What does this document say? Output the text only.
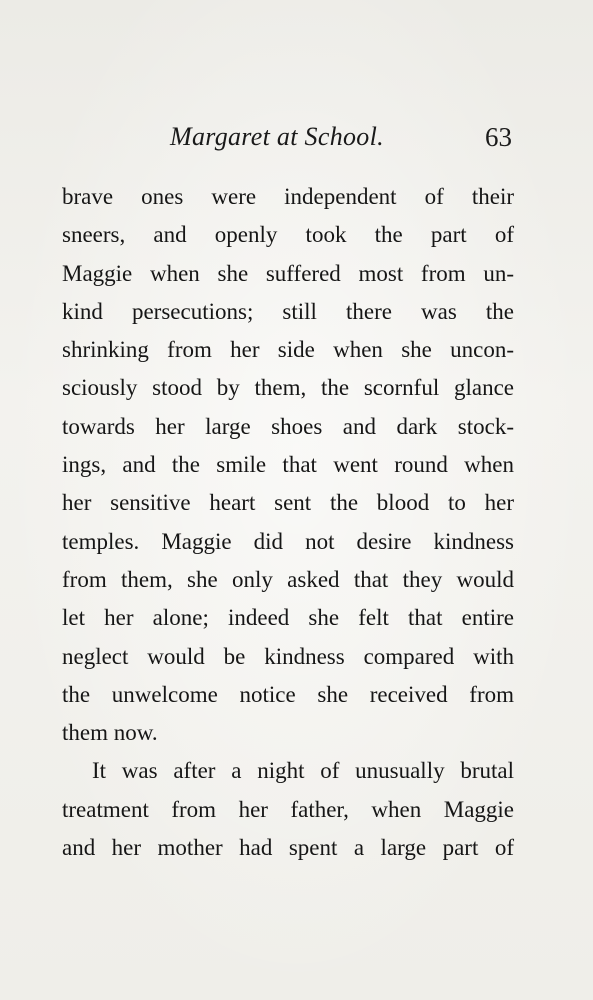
Margaret at School.	63
brave ones were independent of their
sneers, and openly took the part of
Maggie when she suffered most from un-
kind persecutions; still there was the
shrinking from her side when she uncon-
sciously stood by them, the scornful glance
towards her large shoes and dark stock-
ings, and the smile that went round when
her sensitive heart sent the blood to her
temples. Maggie did not desire kindness
from them, she only asked that they would
let her alone; indeed she felt that entire
neglect would be kindness compared with
the unwelcome notice she received from
them now.
It was after a night of unusually brutal
treatment from her father, when Maggie
and her mother had spent a large part of
